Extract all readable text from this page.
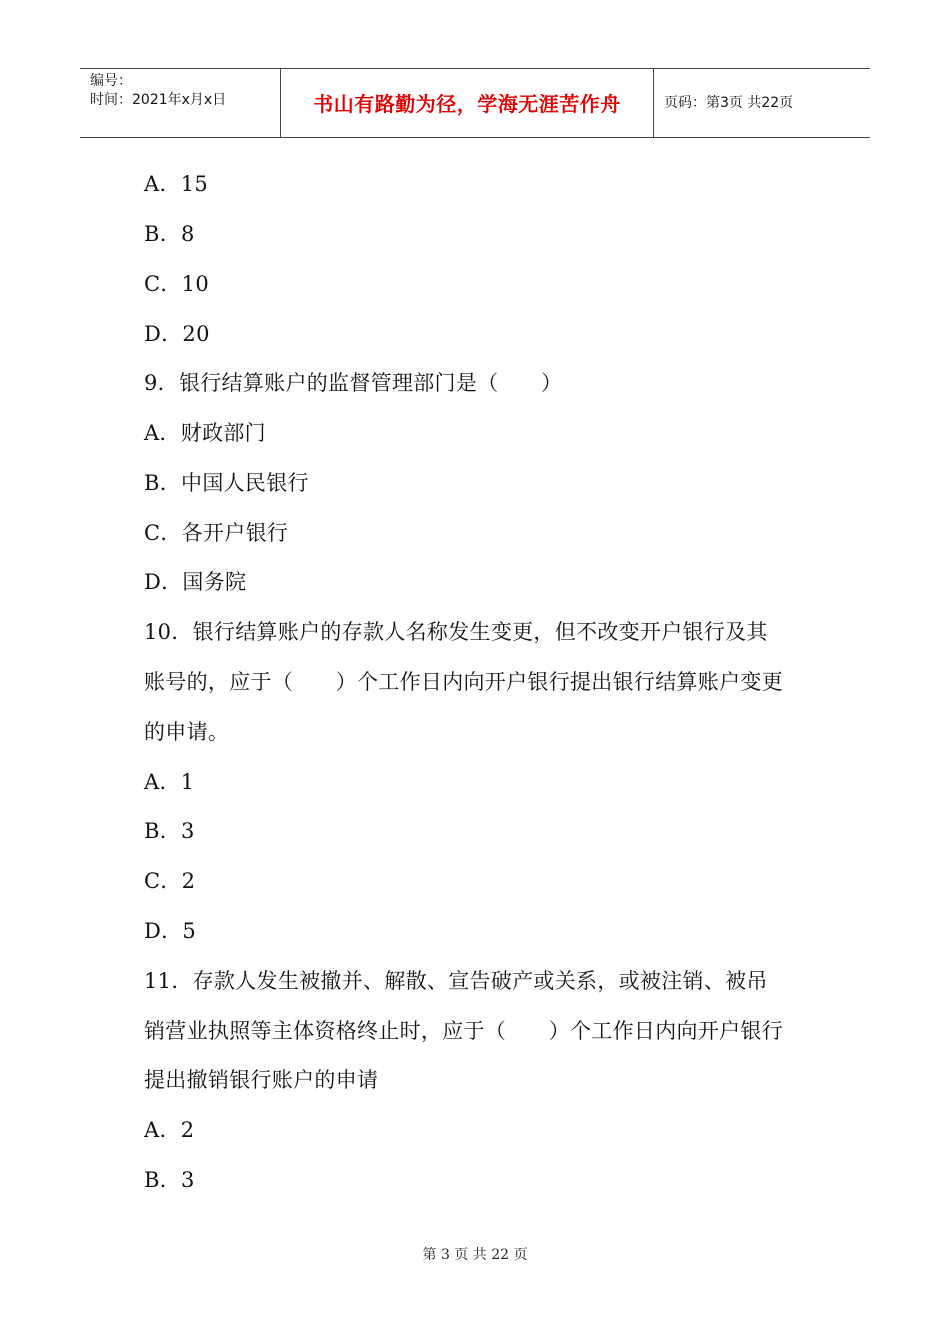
编号：
时间：2021年x月x日	书山有路勤为径，学海无涯苦作舟	页码：第3页 共22页
A．15
B．8
C．10
D．20
9．银行结算账户的监督管理部门是（　　）
A．财政部门
B．中国人民银行
C．各开户银行
D．国务院
10．银行结算账户的存款人名称发生变更，但不改变开户银行及其
账号的，应于（　　）个工作日内向开户银行提出银行结算账户变更
的申请。
A．1
B．3
C．2
D．5
11．存款人发生被撤并、解散、宣告破产或关系，或被注销、被吊
销营业执照等主体资格终止时，应于（　　）个工作日内向开户银行
提出撤销银行账户的申请
A．2
B．3
第 3 页 共 22 页
